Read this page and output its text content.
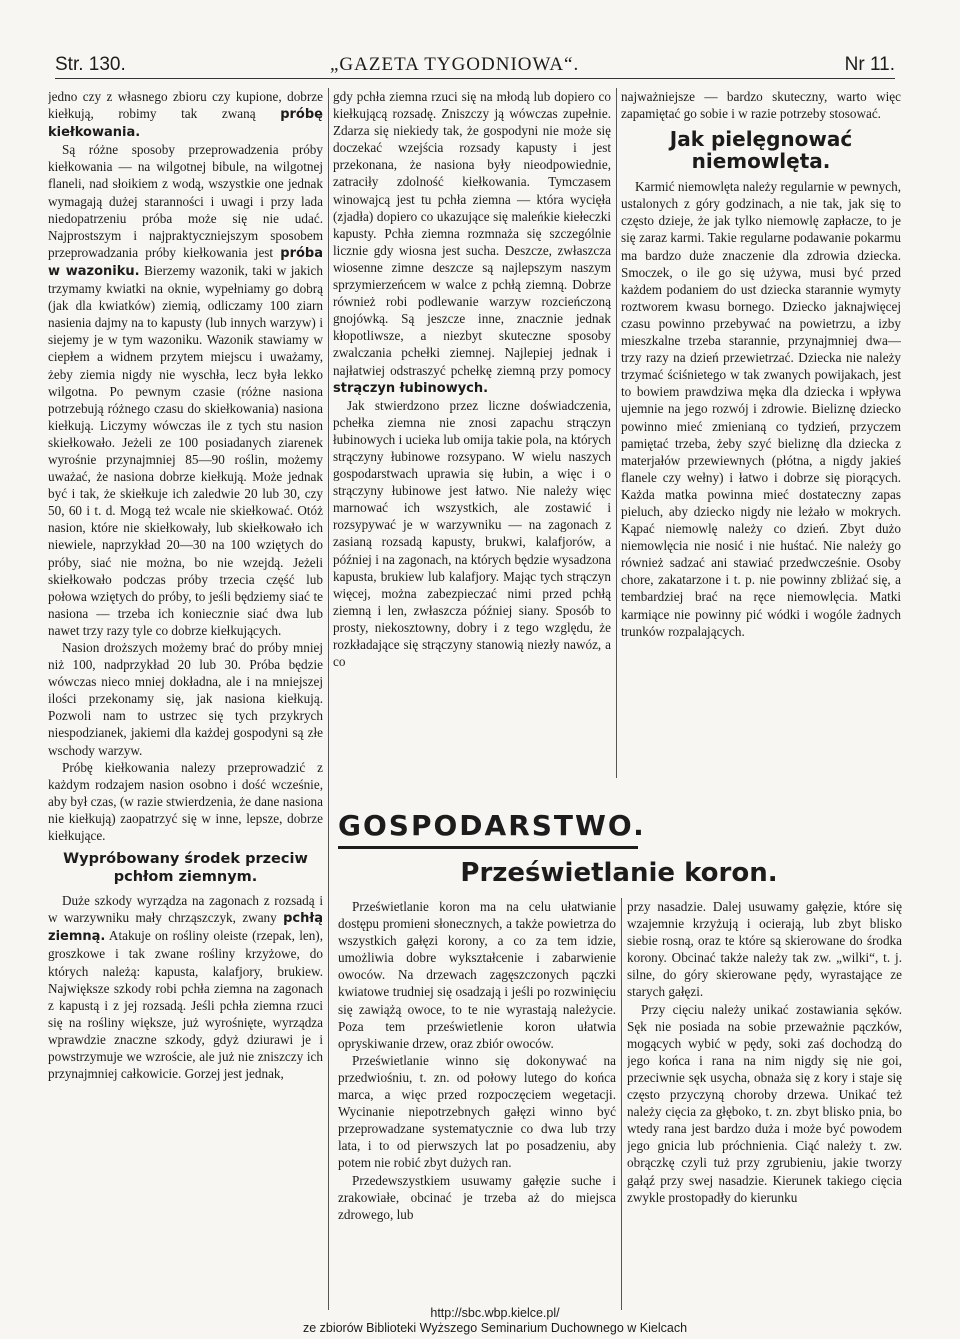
Str. 130.	„GAZETA TYGODNIOWA“.	Nr 11.

jedno czy z własnego zbioru czy kupione, dobrze kiełkują, robimy tak zwaną próbę kiełkowania.

Są różne sposoby przeprowadzenia próby kiełkowania — na wilgotnej bibule, na wilgotnej flaneli, nad słoikiem z wodą, wszystkie one jednak wymagają dużej staranności i uwagi i przy lada niedopatrzeniu próba może się nie udać. Najprostszym i najpraktyczniejszym sposobem przeprowadzania próby kiełkowania jest próba w wazoniku. Bierzemy wazonik, taki w jakich trzymamy kwiatki na oknie, wypełniamy go dobrą (jak dla kwiatków) ziemią, odliczamy 100 ziarn nasienia dajmy na to kapusty (lub innych warzyw) i siejemy je w tym wazoniku. Wazonik stawiamy w ciepłem a widnem przytem miejscu i uważamy, żeby ziemia nigdy nie wyschła, lecz była lekko wilgotna. Po pewnym czasie (różne nasiona potrzebują różnego czasu do skiełkowania) nasiona kiełkują. Liczymy wówczas ile z tych stu nasion skiełkowało. Jeżeli ze 100 posiadanych ziarenek wyrośnie przynajmniej 85—90 roślin, możemy uważać, że nasiona dobrze kiełkują. Może jednak być i tak, że skiełkuje ich zaledwie 20 lub 30, czy 50, 60 i t. d. Mogą też wcale nie skiełkować. Otóż nasion, które nie skiełkowały, lub skiełkowało ich niewiele, naprzykład 20—30 na 100 wziętych do próby, siać nie można, bo nie wzejdą. Jeżeli skiełkowało podczas próby trzecia część lub połowa wziętych do próby, to jeśli będziemy siać te nasiona — trzeba ich koniecznie siać dwa lub nawet trzy razy tyle co dobrze kiełkujących.

Nasion droższych możemy brać do próby mniej niż 100, nadprzykład 20 lub 30. Próba będzie wówczas nieco mniej dokładna, ale i na mniejszej ilości przekonamy się, jak nasiona kiełkują. Pozwoli nam to ustrzec się tych przykrych niespodzianek, jakiemi dla każdej gospodyni są złe wschody warzyw.

Próbę kiełkowania nalezy przeprowadzić z każdym rodzajem nasion osobno i dość wcześnie, aby był czas, (w razie stwierdzenia, że dane nasiona nie kiełkują) zaopatrzyć się w inne, lepsze, dobrze kiełkujące.

Wypróbowany środek przeciw pchłom ziemnym.

Duże szkody wyrządza na zagonach z rozsadą i w warzywniku mały chrząszczyk, zwany pchłą ziemną. Atakuje on rośliny oleiste (rzepak, len), groszkowe i tak zwane rośliny krzyżowe, do których należą: kapusta, kalafjory, brukiew. Największe szkody robi pchła ziemna na zagonach z kapustą i z jej rozsadą. Jeśli pchła ziemna rzuci się na rośliny większe, już wyrośnięte, wyrządza wprawdzie znaczne szkody, gdyż dziurawi je i powstrzymuje we wzroście, ale już nie zniszczy ich przynajmniej całkowicie. Gorzej jest jednak,

gdy pchła ziemna rzuci się na młodą lub dopiero co kiełkującą rozsadę. Zniszczy ją wówczas zupełnie. Zdarza się niekiedy tak, że gospodyni nie może się doczekać wzejścia rozsady kapusty i jest przekonana, że nasiona były nieodpowiednie, zatraciły zdolność kiełkowania. Tymczasem winowajcą jest tu pchła ziemna — która wycięła (zjadła) dopiero co ukazujące się maleńkie kiełeczki kapusty. Pchła ziemna rozmnaża się szczególnie licznie gdy wiosna jest sucha. Deszcze, zwłaszcza wiosenne zimne deszcze są najlepszym naszym sprzymierzeńcem w walce z pchłą ziemną. Dobrze również robi podlewanie warzyw rozcieńczoną gnojówką. Są jeszcze inne, znacznie jednak kłopotliwsze, a niezbyt skuteczne sposoby zwalczania pchełki ziemnej. Najlepiej jednak i najłatwiej odstraszyć pchełkę ziemną przy pomocy strączyn łubinowych.

Jak stwierdzono przez liczne doświadczenia, pchełka ziemna nie znosi zapachu strączyn łubinowych i ucieka lub omija takie pola, na których strączyny łubinowe rozsypano. W wielu naszych gospodarstwach uprawia się łubin, a więc i o strączyny łubinowe jest łatwo. Nie należy więc marnować ich wszystkich, ale zostawić i rozsypywać je w warzywniku — na zagonach z zasianą rozsadą kapusty, brukwi, kalafjorów, a później i na zagonach, na których będzie wysadzona kapusta, brukiew lub kalafjory. Mając tych strączyn więcej, można zabezpieczać nimi przed pchłą ziemną i len, zwłaszcza później siany. Sposób to prosty, niekosztowny, dobry i z tego względu, że rozkładające się strączyny stanowią niezły nawóz, a co

najważniejsze — bardzo skuteczny, warto więc zapamiętać go sobie i w razie potrzeby stosować.

Jak pielęgnować niemowlęta.

Karmić niemowlęta należy regularnie w pewnych, ustalonych z góry godzinach, a nie tak, jak się to często dzieje, że jak tylko niemowlę zapłacze, to je się zaraz karmi. Takie regularne podawanie pokarmu ma bardzo duże znaczenie dla zdrowia dziecka. Smoczek, o ile go się używa, musi być przed każdem podaniem do ust dziecka starannie wymyty roztworem kwasu bornego. Dziecko jaknajwięcej czasu powinno przebywać na powietrzu, a izby mieszkalne trzeba starannie, przynajmniej dwa—trzy razy na dzień przewietrzać. Dziecka nie należy trzymać ściśnietego w tak zwanych powijakach, jest to bowiem prawdziwa męka dla dziecka i wpływa ujemnie na jego rozwój i zdrowie. Bieliznę dziecko powinno mieć zmienianą co tydzień, przyczem pamiętać trzeba, żeby szyć bieliznę dla dziecka z materjałów przewiewnych (płótna, a nigdy jakieś flanele czy wełny) i łatwo i dobrze się piorących. Każda matka powinna mieć dostateczny zapas pieluch, aby dziecko nigdy nie leżało w mokrych. Kąpać niemowlę należy co dzień. Zbyt dużo niemowlęcia nie nosić i nie huśtać. Nie należy go również sadzać ani stawiać przedwcześnie. Osoby chore, zakatarzone i t. p. nie powinny zbliżać się, a tembardziej brać na ręce niemowlęcia. Matki karmiące nie powinny pić wódki i wogóle żadnych trunków rozpalających.

GOSPODARSTWO.
Prześwietlanie koron.

Prześwietlanie koron ma na celu ułatwianie dostępu promieni słonecznych, a także powietrza do wszystkich gałęzi korony, a co za tem idzie, umożliwia dobre wykształcenie i zabarwienie owoców. Na drzewach zagęszczonych pączki kwiatowe trudniej się osadzają i jeśli po rozwinięciu się zawiążą owoce, to te nie wyrastają należycie. Poza tem prześwietlenie koron ułatwia opryskiwanie drzew, oraz zbiór owoców.

Prześwietlanie winno się dokonywać na przedwiośniu, t. zn. od połowy lutego do końca marca, a więc przed rozpoczęciem wegetacji. Wycinanie niepotrzebnych gałęzi winno być przeprowadzane systematycznie co dwa lub trzy lata, i to od pierwszych lat po posadzeniu, aby potem nie robić zbyt dużych ran.

Przedewszystkiem usuwamy gałęzie suche i zrakowiałe, obcinać je trzeba aż do miejsca zdrowego, lub

przy nasadzie. Dalej usuwamy gałęzie, które się wzajemnie krzyżują i ocierają, lub zbyt blisko siebie rosną, oraz te które są skierowane do środka korony. Obcinać także należy tak zw. „wilki“, t. j. silne, do góry skierowane pędy, wyrastające ze starych gałęzi.

Przy cięciu należy unikać zostawiania sęków. Sęk nie posiada na sobie przeważnie pączków, mogących wybić w pędy, soki zaś dochodzą do jego końca i rana na nim nigdy się nie goi, przeciwnie sęk usycha, obnaża się z kory i staje się często przyczyną choroby drzewa. Unikać też należy cięcia za głęboko, t. zn. zbyt blisko pnia, bo wtedy rana jest bardzo duża i może być powodem jego gnicia lub próchnienia. Ciąć należy t. zw. obrączkę czyli tuż przy zgrubieniu, jakie tworzy gałąź przy swej nasadzie. Kierunek takiego cięcia zwykle prostopadły do kierunku

http://sbc.wbp.kielce.pl/
ze zbiorów Biblioteki Wyższego Seminarium Duchownego w Kielcach
